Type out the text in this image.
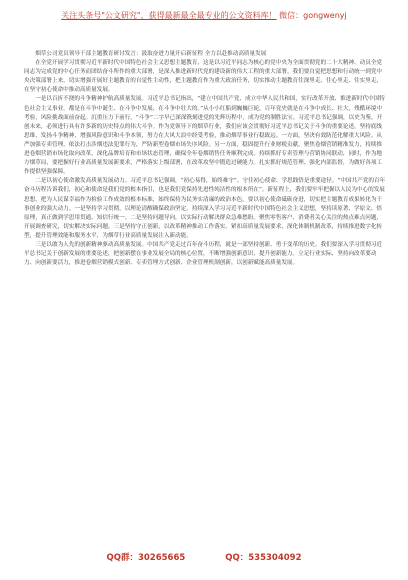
关注头条号"公文研究"，获得最新最全最专业的公文资料库！ 微信：gongwenyj

烟草公司党员领导干部主题教育研讨发言：汲取奋进力量开启新征程 全力以赴推动高质量发展

在全党开展学习贯彻习近平新时代中国特色社会主义思想主题教育，这是以习近平同志为核心的党中央为全面贯彻党的二十大精神、动员全党同志为完成党的中心任务而团结奋斗所作的重大部署，是深入推进新时代党的建设新的伟大工程的重大部署。我们要自觉把思想和行动统一到党中央决策部署上来，切实增强开展好主题教育的自觉性主动性，把主题教育作为重大政治任务，切实推动主题教育往深里走、往心里走、往实里走，在坚守初心使命中推动高质量发展。

一是以百折不挠的斗争精神护航高质量发展。习近平总书记指出，“建立中国共产党、成立中华人民共和国，实行改革开放、推进新时代中国特色社会主义事业，都是在斗争中诞生、在斗争中发展、在斗争中壮大的。”从小小红船到巍巍巨轮，百年党史就是在斗争中成长、壮大，残酷环境中考验，风险挑战面前奋起。沉重压力下前行。“斗争”二字早已深深镌刻进党的先辉历程中，成为党的制胜法宝。习近平总书记强调，以史为鉴，开创未来，必须进行具有许多新的历史特点的伟大斗争。作为党领导下的烟草行业，我们应该会贯彻好习近平总书记关于斗争的重要论述，坚持底线思维，发扬斗争精神，增强风险意识和斗争本领，努力在大风大浪中经受考验，推动烟草事业行稳致远。一方面，坚决有效防范化解重大风险。从严加强专卖管理，依法打击涉烟违法犯罪行为，严防新型卷烟市场失序风险。另一方面，稳固提升行业财税贡献。聚焦卷烟营销精准发力，持续推进卷烟营销市场化取向改革，深化品牌培育和市场状态管理，确保全年卷烟销售任务顺利完成。持续抓好专卖管理与营销协同联动，同时，作为地方烟草局，要把握好行业高质量发展新要求，严格落实上级部署，在改革攻坚中锻造过硬能力。扎实抓好规范管理、强化内部监督，为做好各项工作提供坚强保障。

二是以初心使命激发高质量发展动力。习近平总书记强调，“初心易得，始终难守”。守住初心使命、学思践悟是重要途径。“中国共产党的百年奋斗历程告诉我们，初心和使命是我们党的根本指引，也是我们党保持先进性纯洁性的根本所在”。新征程上，我们要牢牢把握以人民为中心的发展思想，把为人民谋幸福作为检验工作成效的根本标准，始终保持为民务实清廉的政治本色。要以初心使命砥砺奋进，切实把主题教育成果转化为干事创业的强大动力。一是坚持学习贯彻，以理论清醒确保政治坚定。持续深入学习习近平新时代中国特色社会主义思想，坚持读原著、学原文、悟原理，真正做到学思用贯通、知信行统一。二是坚持问题导向，以实际行动解决群众急难愁盼。聚焦零售客户、消费者关心关注的热点难点问题，开展调查研究，切实解决实际问题。三是坚持守正创新，以改革精神推动工作落实。紧扣高质量发展要求，深化体制机制改革，持续推进数字化转型，提升管理效能和服务水平，为烟草行业高质量发展注入新动能。

三是以敢为人先的创新精神驱动高质量发展。中国共产党走过百年奋斗历程，就是一部坚持创新、勇于变革的历史。我们要深入学习贯彻习近平总书记关于创新发展的重要论述，把创新摆在事业发展全局的核心位置，不断增强创新意识、提升创新能力。立足行业实际，坚持向改革要动力、向创新要活力，推进卷烟营销模式创新、专卖管理方式创新、企业管理机制创新，以创新赋能高质量发展。

QQ群：30265665	QQ：535304092
